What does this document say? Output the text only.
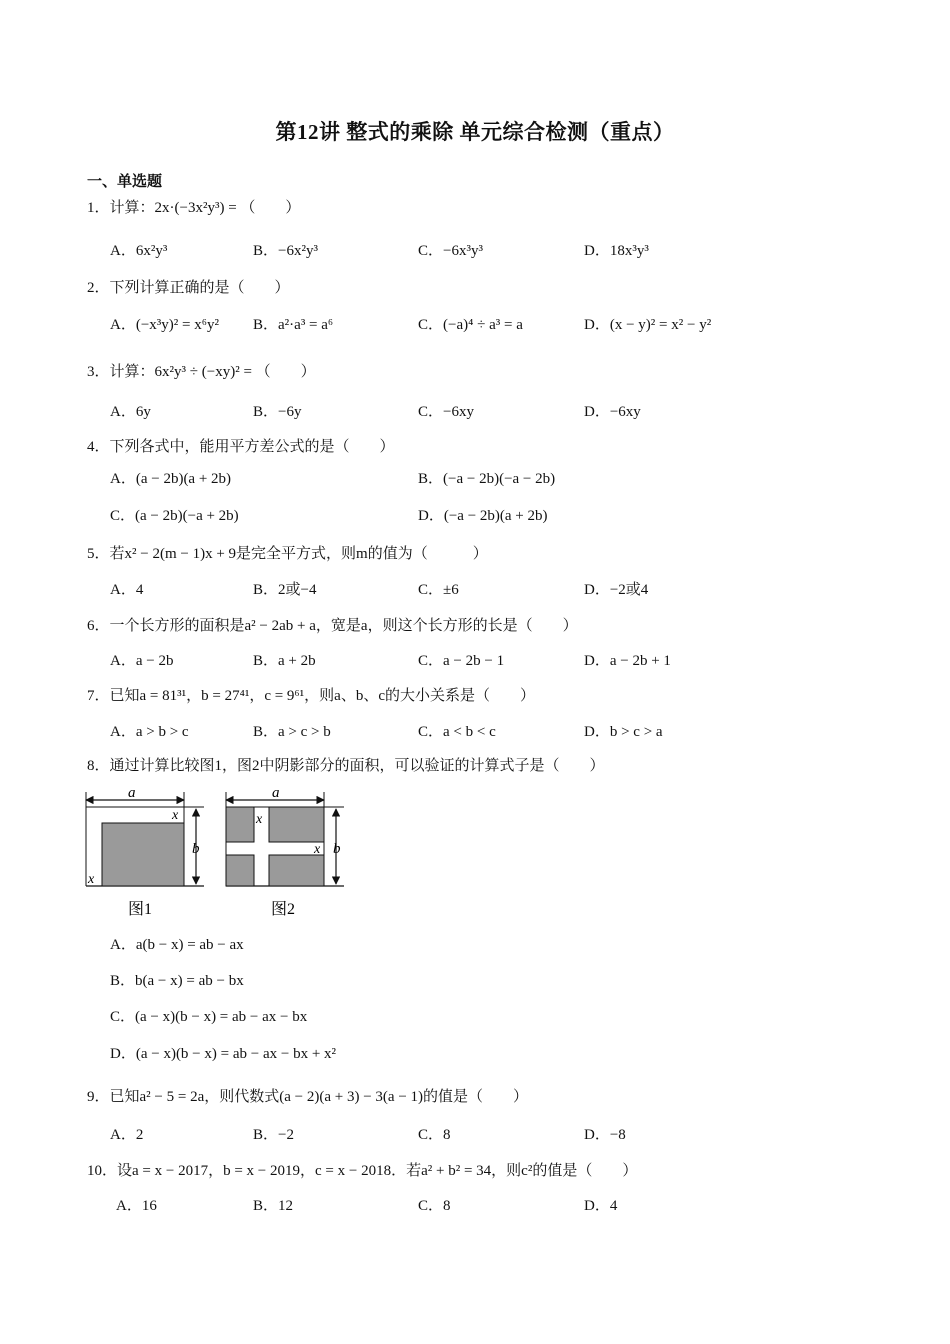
第12讲 整式的乘除 单元综合检测（重点）
一、单选题
1．计算：2x·(−3x²y³) = （　　）
A．6x²y³	B．−6x²y³	C．−6x³y³	D．18x³y³
2．下列计算正确的是（　　）
A．(−x³y)² = x⁶y² B．a²·a³ = a⁶	C．(−a)⁴ ÷ a³ = a	D．(x − y)² = x² − y²
3．计算：6x²y³ ÷ (−xy)² = （　　）
A．6y	B．−6y	C．−6xy	D．−6xy
4．下列各式中，能用平方差公式的是（　　）
A．(a − 2b)(a + 2b)	B．(−a − 2b)(−a − 2b)
C．(a − 2b)(−a + 2b)	D．(−a − 2b)(a + 2b)
5．若x² − 2(m − 1)x + 9是完全平方式，则m的值为（　　　）
A．4	B．2或−4	C．±6	D．−2或4
6．一个长方形的面积是a² − 2ab + a，宽是a，则这个长方形的长是（　　）
A．a − 2b	B．a + 2b	C．a − 2b − 1	D．a − 2b + 1
7．已知a = 81³¹，b = 27⁴¹，c = 9⁶¹，则a、b、c的大小关系是（　　）
A．a > b > c	B．a > c > b	C．a < b < c	D．b > c > a
8．通过计算比较图1，图2中阴影部分的面积，可以验证的计算式子是（　　）
a
x
x
b
图1
a
x
x b
图2
A．a(b − x) = ab − ax
B．b(a − x) = ab − bx
C．(a − x)(b − x) = ab − ax − bx
D．(a − x)(b − x) = ab − ax − bx + x²
9．已知a² − 5 = 2a，则代数式(a − 2)(a + 3) − 3(a − 1)的值是（　　）
A．2	B．−2	C．8	D．−8
10．设a = x − 2017，b = x − 2019，c = x − 2018．若a² + b² = 34，则c²的值是（　　）
A．16	B．12	C．8	D．4
